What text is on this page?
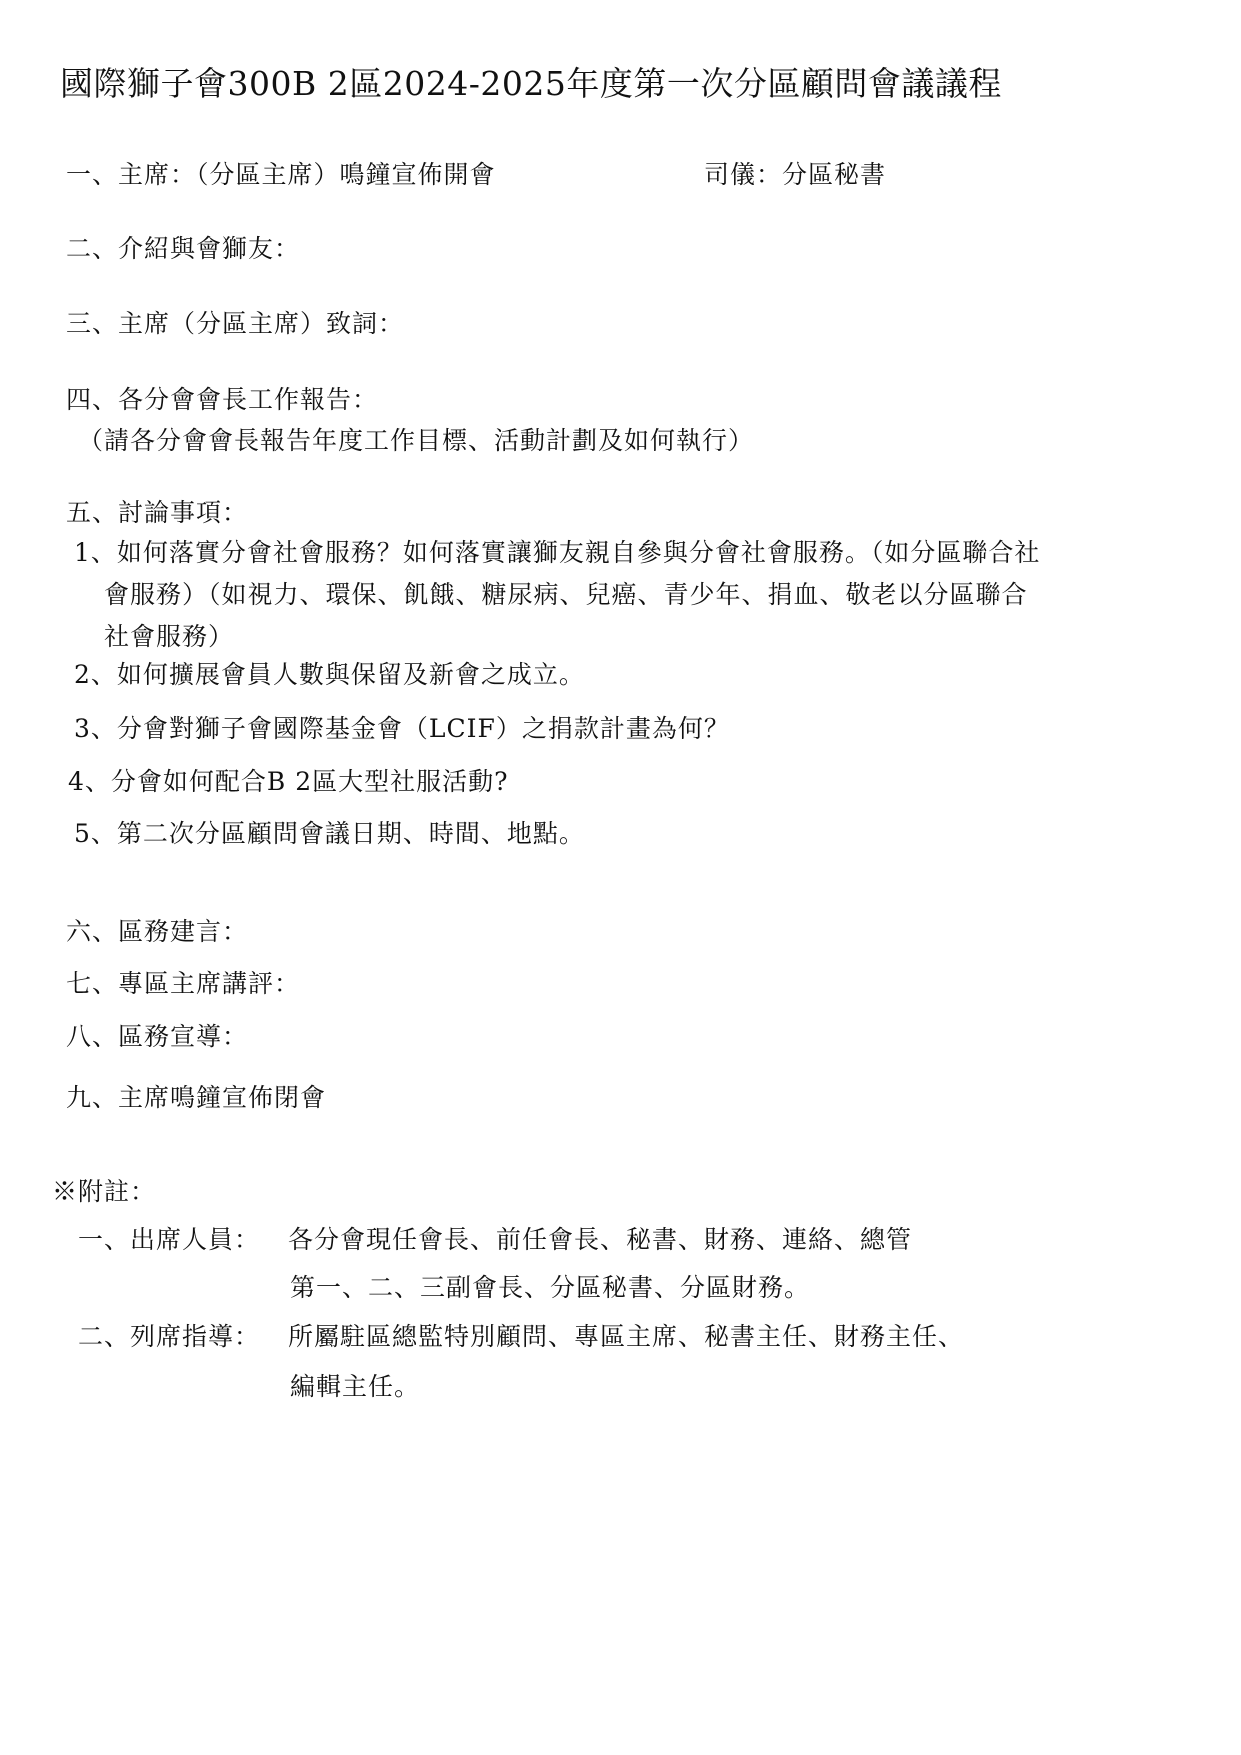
國際獅子會300B 2區2024-2025年度第一次分區顧問會議議程
一、主席：（分區主席）鳴鐘宣佈開會	司儀：分區秘書
二、介紹與會獅友：
三、主席（分區主席）致詞：
四、各分會會長工作報告：
（請各分會會長報告年度工作目標、活動計劃及如何執行）
五、討論事項：
1、如何落實分會社會服務？如何落實讓獅友親自參與分會社會服務。（如分區聯合社
會服務）（如視力、環保、飢餓、糖尿病、兒癌、青少年、捐血、敬老以分區聯合
社會服務）
2、如何擴展會員人數與保留及新會之成立。
3、分會對獅子會國際基金會（LCIF）之捐款計畫為何？
4、分會如何配合B 2區大型社服活動?
5、第二次分區顧問會議日期、時間、地點。
六、區務建言：
七、專區主席講評：
八、區務宣導：
九、主席鳴鐘宣佈閉會
※附註：
一、出席人員： 各分會現任會長、前任會長、秘書、財務、連絡、總管
第一、二、三副會長、分區秘書、分區財務。
二、列席指導： 所屬駐區總監特別顧問、專區主席、秘書主任、財務主任、
編輯主任。
